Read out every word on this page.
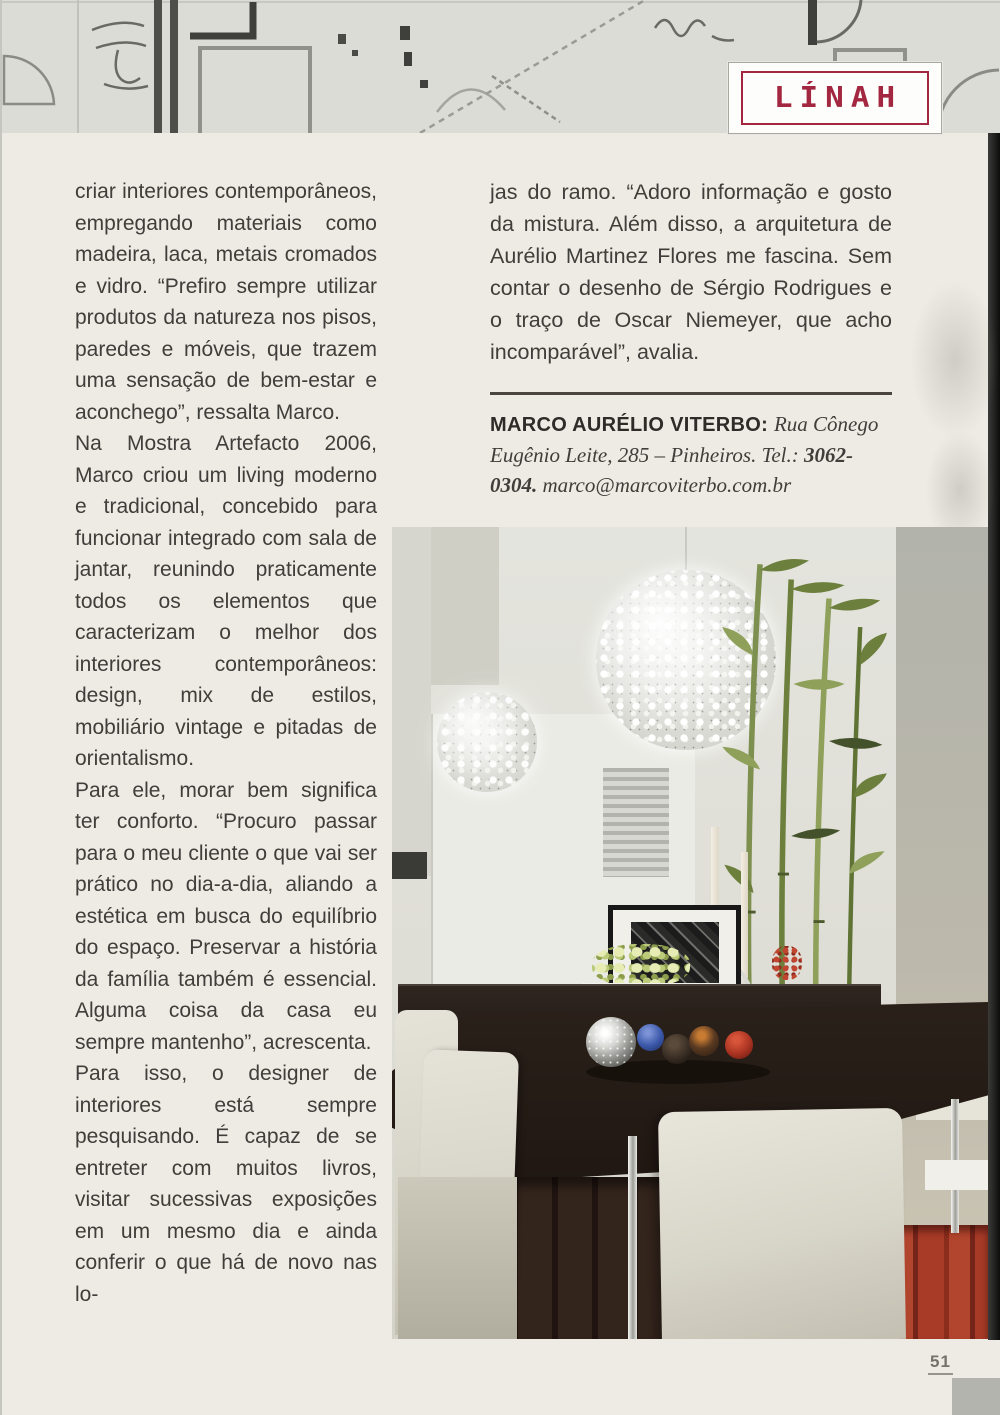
LÍNAH

criar interiores contemporâneos, empregando materiais como madeira, laca, metais cromados e vidro. “Prefiro sempre utilizar produtos da natureza nos pisos, paredes e móveis, que trazem uma sensação de bem-estar e aconchego”, ressalta Marco.

Na Mostra Artefacto 2006, Marco criou um living moderno e tradicional, concebido para funcionar integrado com sala de jantar, reunindo praticamente todos os elementos que caracterizam o melhor dos interiores contemporâneos: design, mix de estilos, mobiliário vintage e pitadas de orientalismo.

Para ele, morar bem significa ter conforto. “Procuro passar para o meu cliente o que vai ser prático no dia-a-dia, aliando a estética em busca do equilíbrio do espaço. Preservar a história da família também é essencial. Alguma coisa da casa eu sempre mantenho”, acrescenta.

Para isso, o designer de interiores está sempre pesquisando. É capaz de se entreter com muitos livros, visitar sucessivas exposições em um mesmo dia e ainda conferir o que há de novo nas lo-

jas do ramo. “Adoro informação e gosto da mistura. Além disso, a arquitetura de Aurélio Martinez Flores me fascina. Sem contar o desenho de Sérgio Rodrigues e o traço de Oscar Niemeyer, que acho incomparável”, avalia.

MARCO AURÉLIO VITERBO: Rua Cônego Eugênio Leite, 285 – Pinheiros. Tel.: 3062-0304. marco@marcoviterbo.com.br

51
